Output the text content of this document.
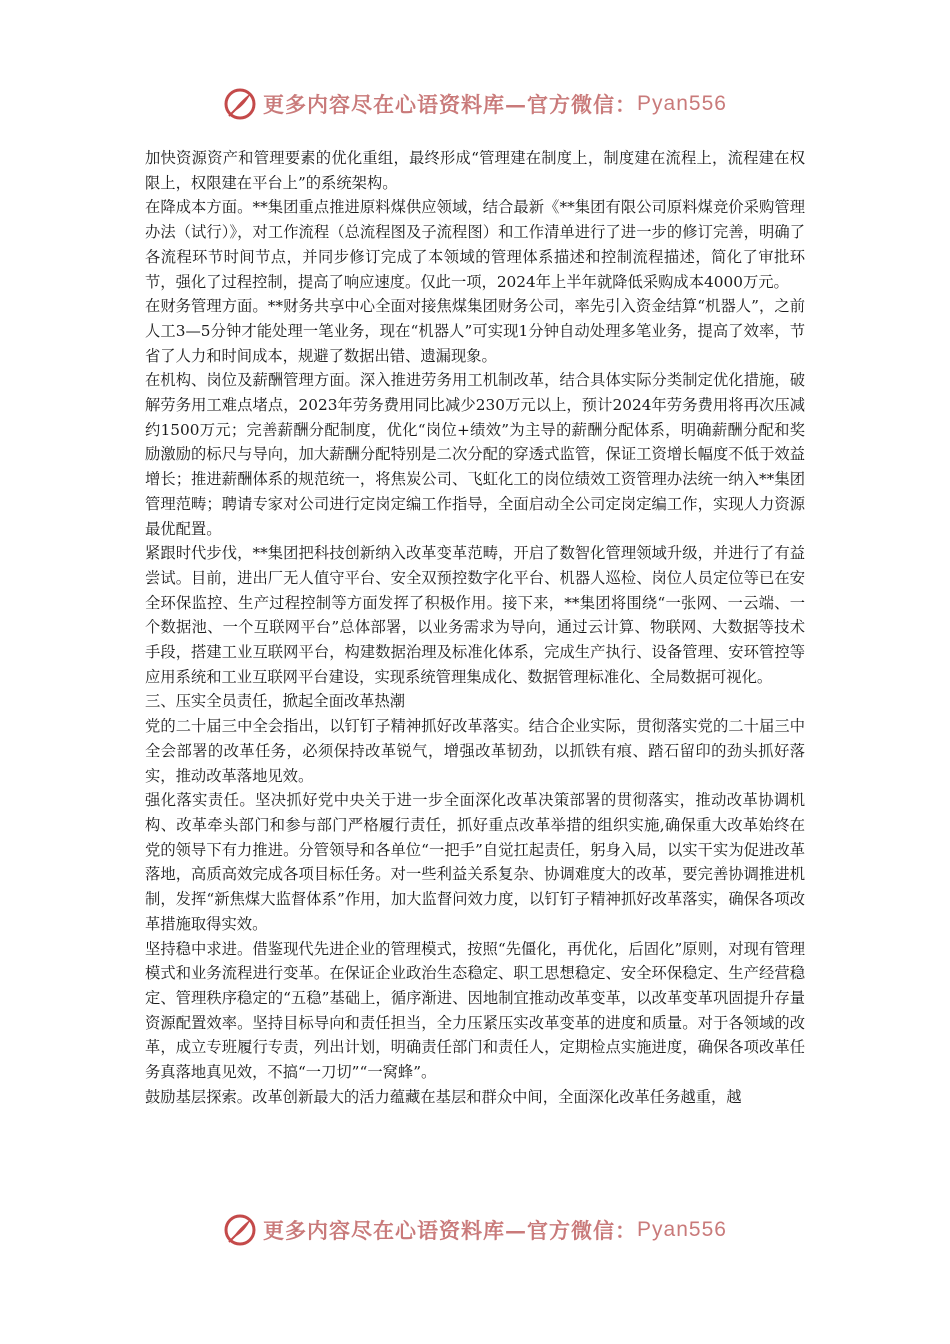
更多内容尽在心语资料库—官方微信： Pyan556

加快资源资产和管理要素的优化重组，最终形成“管理建在制度上，制度建在流程上，流程建在权限上，权限建在平台上”的系统架构。

在降成本方面。**集团重点推进原料煤供应领域，结合最新《**集团有限公司原料煤竞价采购管理办法（试行）》，对工作流程（总流程图及子流程图）和工作清单进行了进一步的修订完善，明确了各流程环节时间节点，并同步修订完成了本领域的管理体系描述和控制流程描述，简化了审批环节，强化了过程控制，提高了响应速度。仅此一项，2024年上半年就降低采购成本4000万元。

在财务管理方面。**财务共享中心全面对接焦煤集团财务公司，率先引入资金结算“机器人”，之前人工3—5分钟才能处理一笔业务，现在“机器人”可实现1分钟自动处理多笔业务，提高了效率，节省了人力和时间成本，规避了数据出错、遗漏现象。

在机构、岗位及薪酬管理方面。深入推进劳务用工机制改革，结合具体实际分类制定优化措施，破解劳务用工难点堵点，2023年劳务费用同比减少230万元以上，预计2024年劳务费用将再次压减约1500万元；完善薪酬分配制度，优化“岗位+绩效”为主导的薪酬分配体系，明确薪酬分配和奖励激励的标尺与导向，加大薪酬分配特别是二次分配的穿透式监管，保证工资增长幅度不低于效益增长；推进薪酬体系的规范统一，将焦炭公司、飞虹化工的岗位绩效工资管理办法统一纳入**集团管理范畴；聘请专家对公司进行定岗定编工作指导，全面启动全公司定岗定编工作，实现人力资源最优配置。

紧跟时代步伐，**集团把科技创新纳入改革变革范畴，开启了数智化管理领域升级，并进行了有益尝试。目前，进出厂无人值守平台、安全双预控数字化平台、机器人巡检、岗位人员定位等已在安全环保监控、生产过程控制等方面发挥了积极作用。接下来，**集团将围绕“一张网、一云端、一个数据池、一个互联网平台”总体部署，以业务需求为导向，通过云计算、物联网、大数据等技术手段，搭建工业互联网平台，构建数据治理及标准化体系，完成生产执行、设备管理、安环管控等应用系统和工业互联网平台建设，实现系统管理集成化、数据管理标准化、全局数据可视化。

三、压实全员责任，掀起全面改革热潮

党的二十届三中全会指出，以钉钉子精神抓好改革落实。结合企业实际，贯彻落实党的二十届三中全会部署的改革任务，必须保持改革锐气，增强改革韧劲，以抓铁有痕、踏石留印的劲头抓好落实，推动改革落地见效。

强化落实责任。坚决抓好党中央关于进一步全面深化改革决策部署的贯彻落实，推动改革协调机构、改革牵头部门和参与部门严格履行责任，抓好重点改革举措的组织实施,确保重大改革始终在党的领导下有力推进。分管领导和各单位“一把手”自觉扛起责任，躬身入局，以实干实为促进改革落地，高质高效完成各项目标任务。对一些利益关系复杂、协调难度大的改革，要完善协调推进机制，发挥“新焦煤大监督体系”作用，加大监督问效力度，以钉钉子精神抓好改革落实，确保各项改革措施取得实效。

坚持稳中求进。借鉴现代先进企业的管理模式，按照“先僵化，再优化，后固化”原则，对现有管理模式和业务流程进行变革。在保证企业政治生态稳定、职工思想稳定、安全环保稳定、生产经营稳定、管理秩序稳定的“五稳”基础上，循序渐进、因地制宜推动改革变革，以改革变革巩固提升存量资源配置效率。坚持目标导向和责任担当，全力压紧压实改革变革的进度和质量。对于各领域的改革，成立专班履行专责，列出计划，明确责任部门和责任人，定期检点实施进度，确保各项改革任务真落地真见效，不搞“一刀切”“一窝蜂”。

鼓励基层探索。改革创新最大的活力蕴藏在基层和群众中间，全面深化改革任务越重，越

更多内容尽在心语资料库—官方微信： Pyan556
